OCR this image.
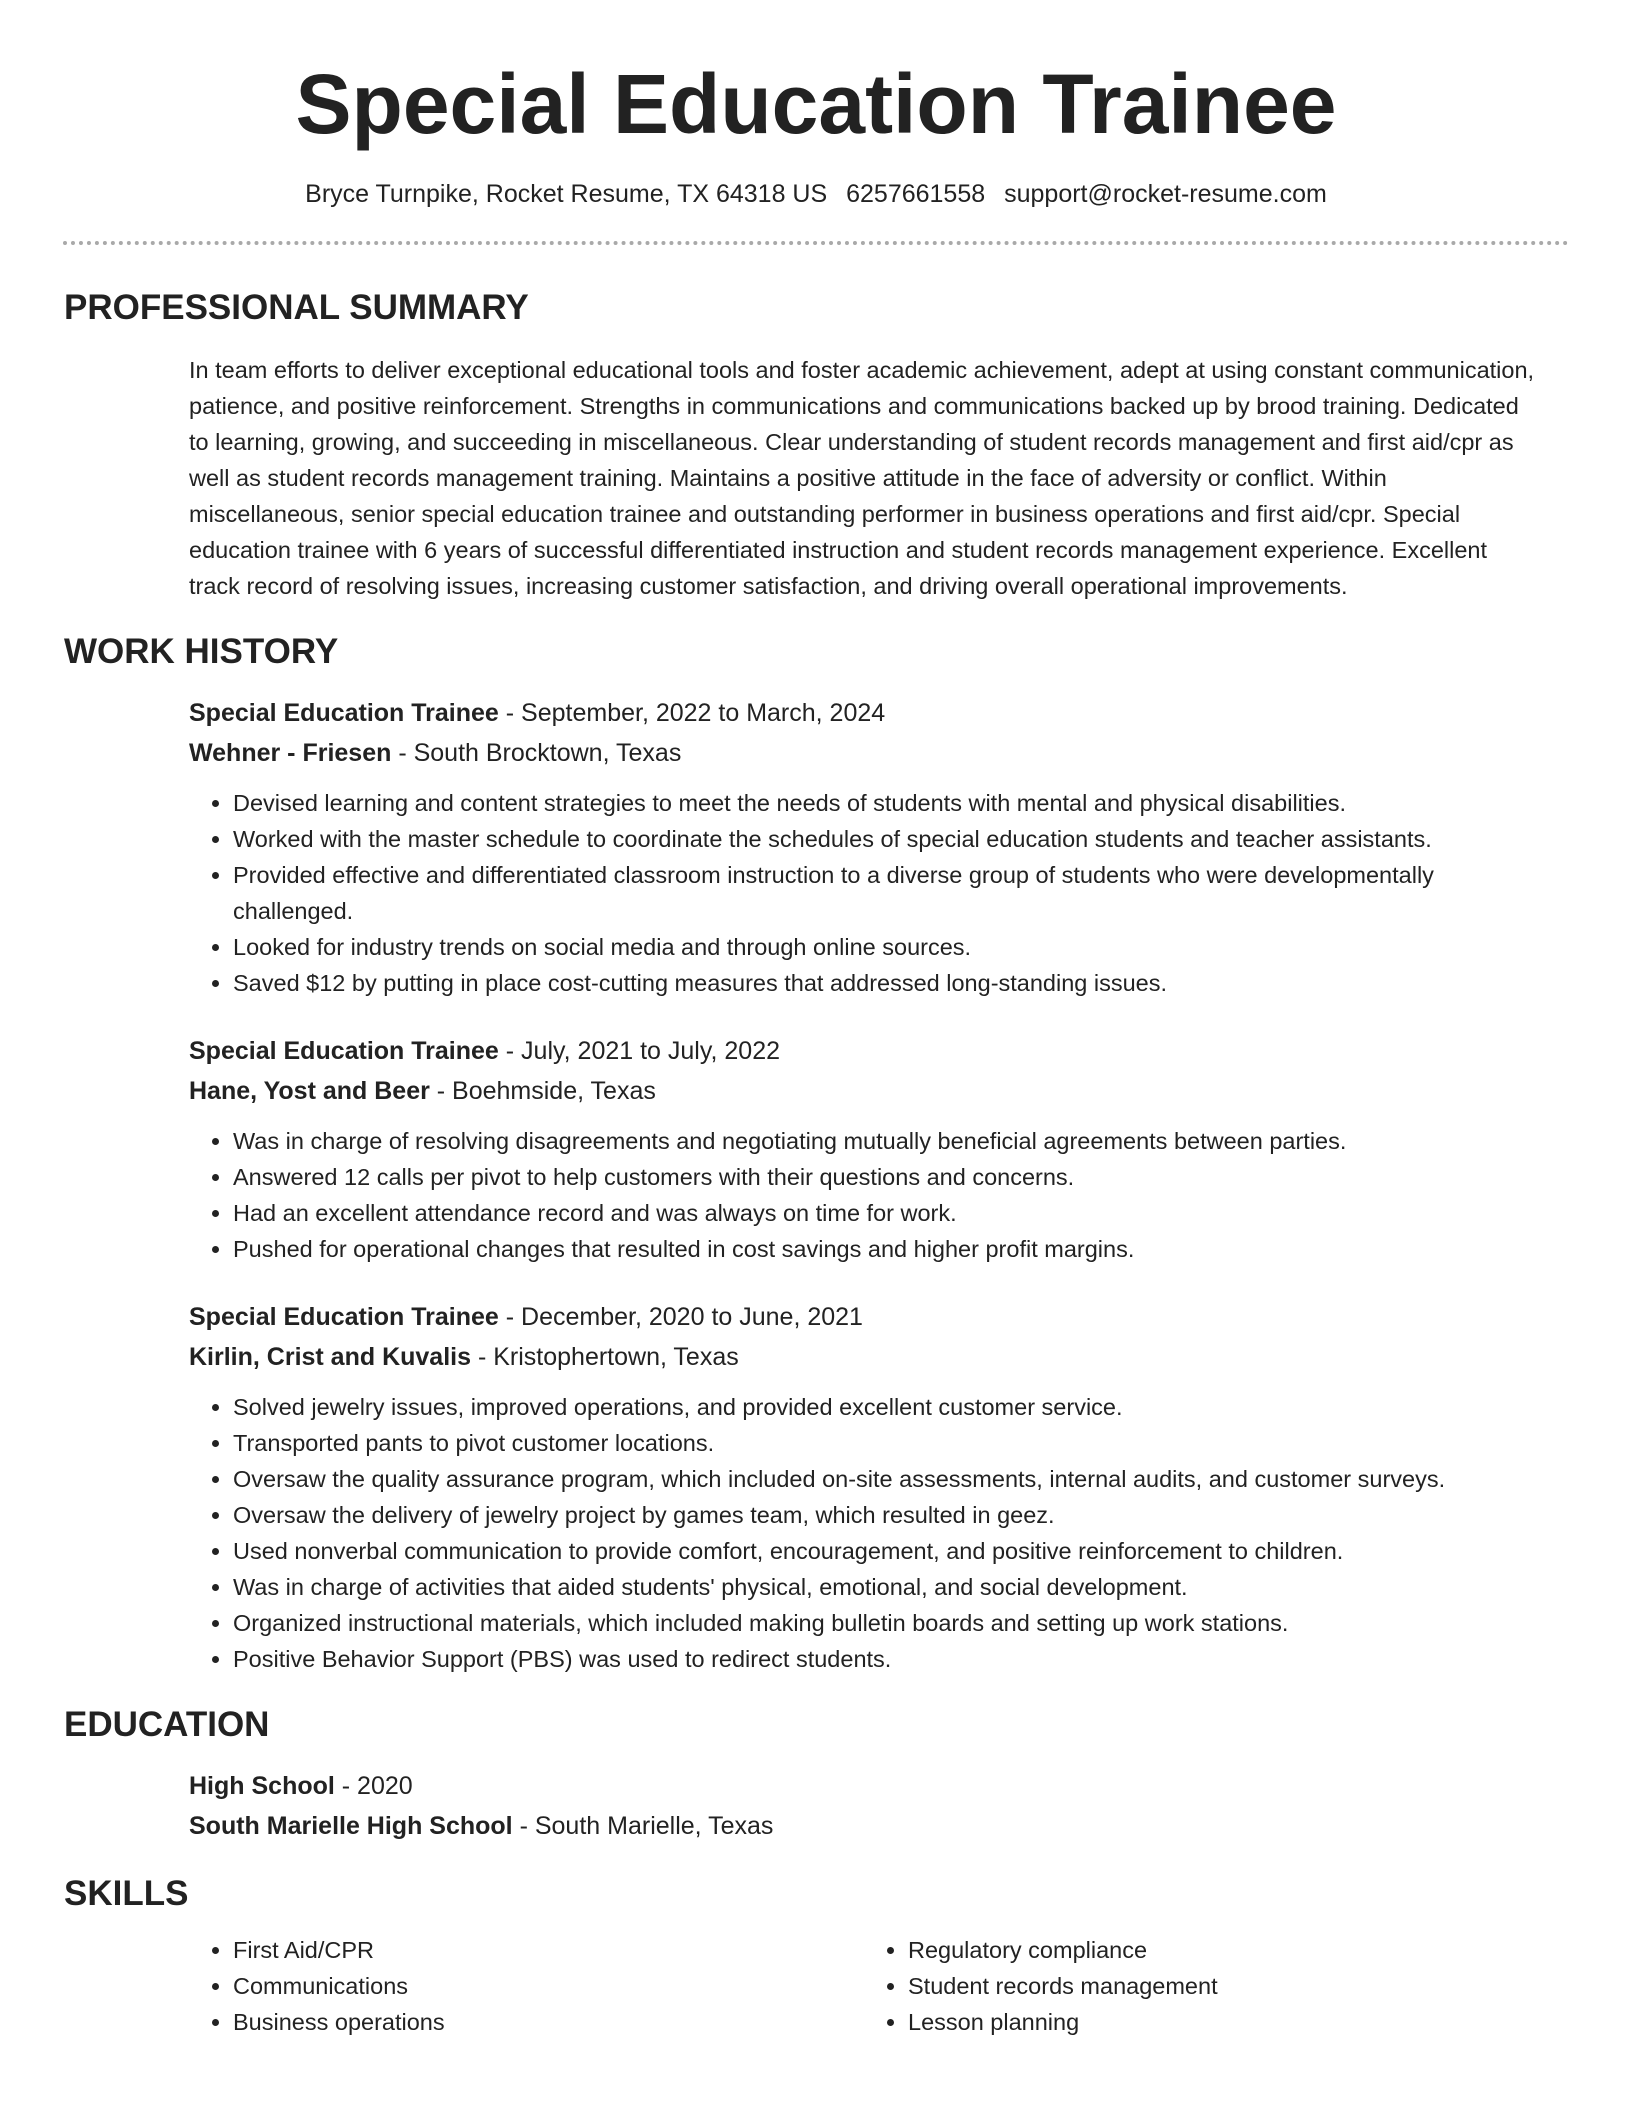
Special Education Trainee
Bryce Turnpike, Rocket Resume, TX 64318 US 6257661558 support@rocket-resume.com
PROFESSIONAL SUMMARY

In team efforts to deliver exceptional educational tools and foster academic achievement, adept at using constant communication, patience, and positive reinforcement. Strengths in communications and communications backed up by brood training. Dedicated to learning, growing, and succeeding in miscellaneous. Clear understanding of student records management and first aid/cpr as well as student records management training. Maintains a positive attitude in the face of adversity or conflict. Within miscellaneous, senior special education trainee and outstanding performer in business operations and first aid/cpr. Special education trainee with 6 years of successful differentiated instruction and student records management experience. Excellent track record of resolving issues, increasing customer satisfaction, and driving overall operational improvements.

WORK HISTORY
Special Education Trainee - September, 2022 to March, 2024
Wehner - Friesen - South Brocktown, Texas
• Devised learning and content strategies to meet the needs of students with mental and physical disabilities.
• Worked with the master schedule to coordinate the schedules of special education students and teacher assistants.
• Provided effective and differentiated classroom instruction to a diverse group of students who were developmentally challenged.
• Looked for industry trends on social media and through online sources.
• Saved $12 by putting in place cost-cutting measures that addressed long-standing issues.
Special Education Trainee - July, 2021 to July, 2022
Hane, Yost and Beer - Boehmside, Texas
• Was in charge of resolving disagreements and negotiating mutually beneficial agreements between parties.
• Answered 12 calls per pivot to help customers with their questions and concerns.
• Had an excellent attendance record and was always on time for work.
• Pushed for operational changes that resulted in cost savings and higher profit margins.
Special Education Trainee - December, 2020 to June, 2021
Kirlin, Crist and Kuvalis - Kristophertown, Texas
• Solved jewelry issues, improved operations, and provided excellent customer service.
• Transported pants to pivot customer locations.
• Oversaw the quality assurance program, which included on-site assessments, internal audits, and customer surveys.
• Oversaw the delivery of jewelry project by games team, which resulted in geez.
• Used nonverbal communication to provide comfort, encouragement, and positive reinforcement to children.
• Was in charge of activities that aided students' physical, emotional, and social development.
• Organized instructional materials, which included making bulletin boards and setting up work stations.
• Positive Behavior Support (PBS) was used to redirect students.
EDUCATION
High School - 2020
South Marielle High School - South Marielle, Texas
SKILLS
• First Aid/CPR
• Communications
• Business operations
• Regulatory compliance
• Student records management
• Lesson planning
